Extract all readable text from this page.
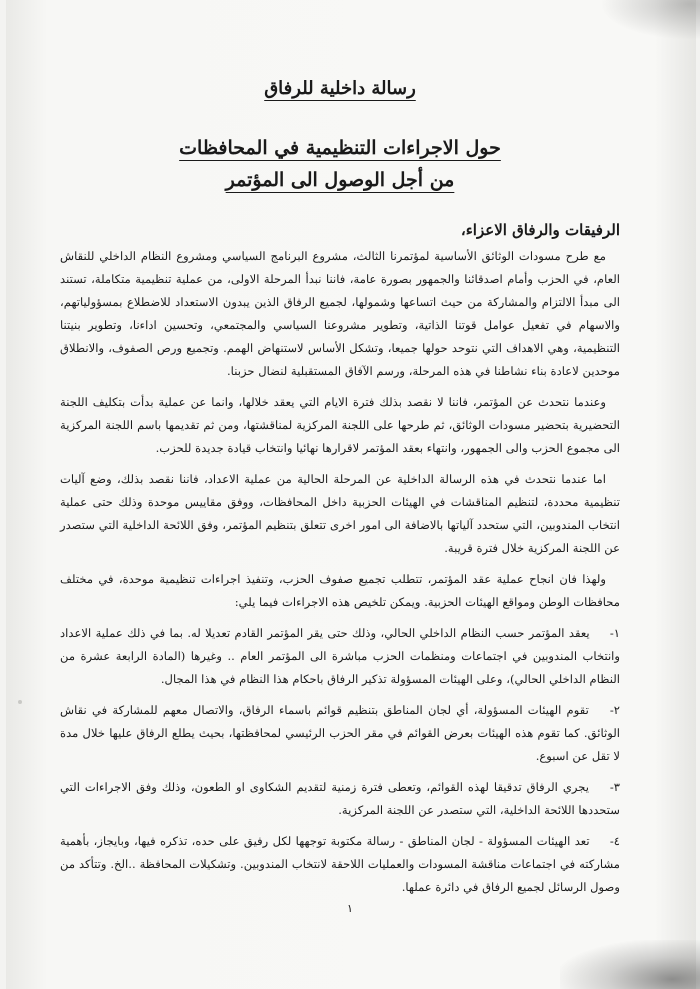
رسالة داخلية للرفاق
حول الاجراءات التنظيمية في المحافظات
من أجل الوصول الى المؤتمر

الرفيقات والرفاق الاعزاء،

مع طرح مسودات الوثائق الأساسية لمؤتمرنا الثالث، مشروع البرنامج السياسي ومشروع النظام الداخلي للنقاش العام، في الحزب وأمام اصدقائنا والجمهور بصورة عامة، فاننا نبدأ المرحلة الاولى، من عملية تنظيمية متكاملة، تستند الى مبدأ الالتزام والمشاركة من حيث اتساعها وشمولها، لجميع الرفاق الذين يبدون الاستعداد للاضطلاع بمسؤولياتهم، والاسهام في تفعيل عوامل قوتنا الذاتية، وتطوير مشروعنا السياسي والمجتمعي، وتحسين اداءنا، وتطوير بنيتنا التنظيمية، وهي الاهداف التي نتوحد حولها جميعا، وتشكل الأساس لاستنهاض الهمم. وتجميع ورص الصفوف، والانطلاق موحدين لاعادة بناء نشاطنا في هذه المرحلة، ورسم الآفاق المستقبلية لنضال حزبنا.

وعندما نتحدث عن المؤتمر، فاننا لا نقصد بذلك فترة الايام التي يعقد خلالها، وانما عن عملية بدأت بتكليف اللجنة التحضيرية بتحضير مسودات الوثائق، ثم طرحها على اللجنة المركزية لمناقشتها، ومن ثم تقديمها باسم اللجنة المركزية الى مجموع الحزب والى الجمهور، وانتهاء بعقد المؤتمر لاقرارها نهائيا وانتخاب قيادة جديدة للحزب.

اما عندما نتحدث في هذه الرسالة الداخلية عن المرحلة الحالية من عملية الاعداد، فاننا نقصد بذلك، وضع آليات تنظيمية محددة، لتنظيم المناقشات في الهيئات الحزبية داخل المحافظات، ووفق مقاييس موحدة وذلك حتى عملية انتخاب المندوبين، التي ستحدد آلياتها بالاضافة الى امور اخرى تتعلق بتنظيم المؤتمر، وفق اللائحة الداخلية التي ستصدر عن اللجنة المركزية خلال فترة قريبة.

ولهذا فان انجاح عملية عقد المؤتمر، تتطلب تجميع صفوف الحزب، وتنفيذ اجراءات تنظيمية موحدة، في مختلف محافظات الوطن ومواقع الهيئات الحزبية. ويمكن تلخيص هذه الاجراءات فيما يلي:

١- يعقد المؤتمر حسب النظام الداخلي الحالي، وذلك حتى يقر المؤتمر القادم تعديلا له. بما في ذلك عملية الاعداد وانتخاب المندوبين في اجتماعات ومنظمات الحزب مباشرة الى المؤتمر العام .. وغيرها (المادة الرابعة عشرة من النظام الداخلي الحالي)، وعلى الهيئات المسؤولة تذكير الرفاق باحكام هذا النظام في هذا المجال.

٢- تقوم الهيئات المسؤولة، أي لجان المناطق بتنظيم قوائم باسماء الرفاق، والاتصال معهم للمشاركة في نقاش الوثائق. كما تقوم هذه الهيئات بعرض القوائم في مقر الحزب الرئيسي لمحافظتها، بحيث يطلع الرفاق عليها خلال مدة لا تقل عن اسبوع.

٣- يجري الرفاق تدقيقا لهذه القوائم، وتعطى فترة زمنية لتقديم الشكاوى او الطعون، وذلك وفق الاجراءات التي ستحددها اللائحة الداخلية، التي ستصدر عن اللجنة المركزية.

٤- تعد الهيئات المسؤولة - لجان المناطق - رسالة مكتوبة توجهها لكل رفيق على حده، تذكره فيها، وبايجاز، بأهمية مشاركته في اجتماعات مناقشة المسودات والعمليات اللاحقة لانتخاب المندوبين. وتشكيلات المحافظة ..الخ. وتتأكد من وصول الرسائل لجميع الرفاق في دائرة عملها.

١
